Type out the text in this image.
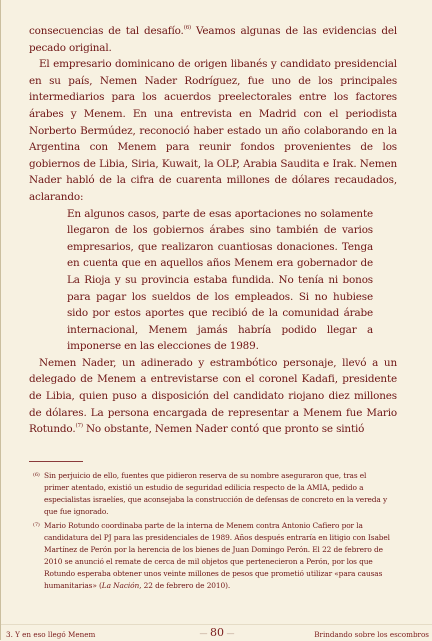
consecuencias de tal desafío.$^{(6)}$ Veamos algunas de las evidencias del pecado original.

El empresario dominicano de origen libanés y candidato presidencial en su país, Nemen Nader Rodríguez, fue uno de los principales intermediarios para los acuerdos preelectorales entre los factores árabes y Menem. En una entrevista en Madrid con el periodista Norberto Bermúdez, reconoció haber estado un año colaborando en la Argentina con Menem para reunir fondos provenientes de los gobiernos de Libia, Siria, Kuwait, la OLP, Arabia Saudita e Irak. Nemen Nader habló de la cifra de cuarenta millones de dólares recaudados, aclarando:

En algunos casos, parte de esas aportaciones no solamente llegaron de los gobiernos árabes sino también de varios empresarios, que realizaron cuantiosas donaciones. Tenga en cuenta que en aquellos años Menem era gobernador de La Rioja y su provincia estaba fundida. No tenía ni bonos para pagar los sueldos de los empleados. Si no hubiese sido por estos aportes que recibió de la comunidad árabe internacional, Menem jamás habría podido llegar a imponerse en las elecciones de 1989.

Nemen Nader, un adinerado y estrambótico personaje, llevó a un delegado de Menem a entrevistarse con el coronel Kadafi, presidente de Libia, quien puso a disposición del candidato riojano diez millones de dólares. La persona encargada de representar a Menem fue Mario Rotundo.$^{(7)}$ No obstante, Nemen Nader contó que pronto se sintió

(6) Sin perjuicio de ello, fuentes que pidieron reserva de su nombre aseguraron que, tras el primer atentado, existió un estudio de seguridad edilicia respecto de la AMIA, pedido a especialistas israelíes, que aconsejaba la construcción de defensas de concreto en la vereda y que fue ignorado.
(7) Mario Rotundo coordinaba parte de la interna de Menem contra Antonio Cafiero por la candidatura del PJ para las presidenciales de 1989. Años después entraría en litigio con Isabel Martínez de Perón por la herencia de los bienes de Juan Domingo Perón. El 22 de febrero de 2010 se anunció el remate de cerca de mil objetos que pertenecieron a Perón, por los que Rotundo esperaba obtener unos veinte millones de pesos que prometió utilizar «para causas humanitarias» (La Nación, 22 de febrero de 2010).
3. Y en eso llegó Menem	— 80 —	Brindando sobre los escombros
